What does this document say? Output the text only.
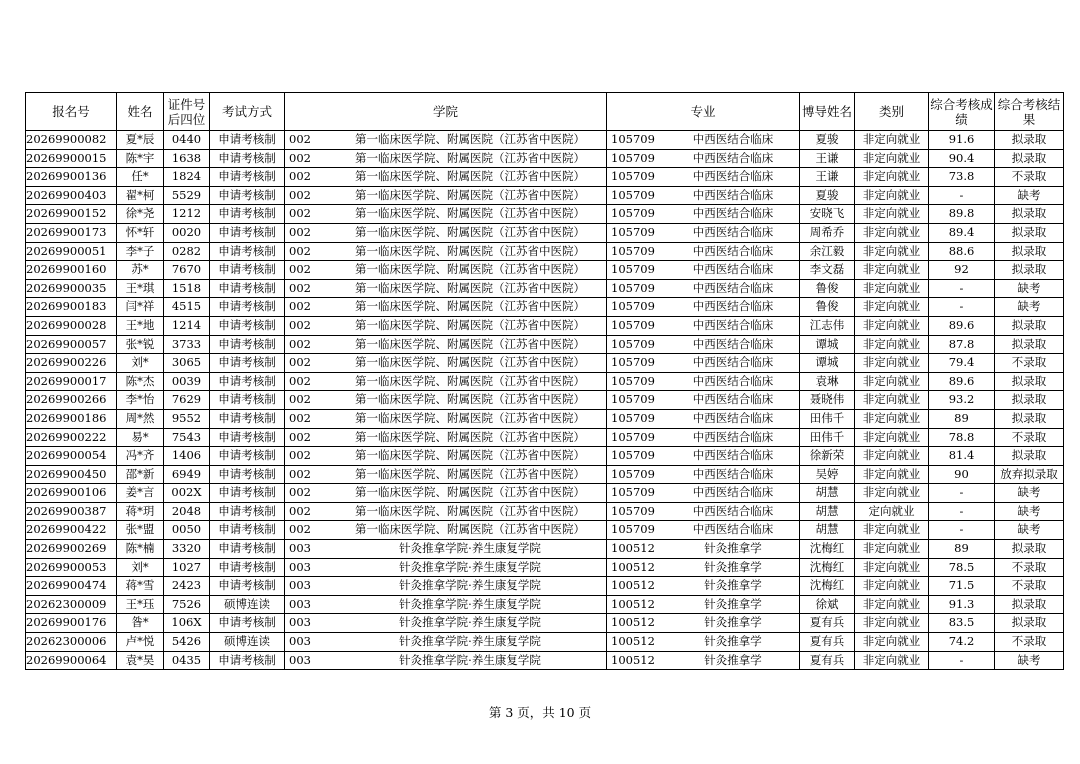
报名号	姓名	证件号后四位	考试方式	学院	专业	博导姓名	类别	综合考核成绩	综合考核结果
20269900082	夏*辰	0440	申请考核制	002 第一临床医学院、附属医院（江苏省中医院）	105709 中西医结合临床	夏骏	非定向就业	91.6	拟录取
20269900015	陈*宇	1638	申请考核制	002 第一临床医学院、附属医院（江苏省中医院）	105709 中西医结合临床	王谦	非定向就业	90.4	拟录取
20269900136	任*	1824	申请考核制	002 第一临床医学院、附属医院（江苏省中医院）	105709 中西医结合临床	王谦	非定向就业	73.8	不录取
20269900403	翟*柯	5529	申请考核制	002 第一临床医学院、附属医院（江苏省中医院）	105709 中西医结合临床	夏骏	非定向就业	-	缺考
20269900152	徐*尧	1212	申请考核制	002 第一临床医学院、附属医院（江苏省中医院）	105709 中西医结合临床	安晓飞	非定向就业	89.8	拟录取
20269900173	怀*轩	0020	申请考核制	002 第一临床医学院、附属医院（江苏省中医院）	105709 中西医结合临床	周希乔	非定向就业	89.4	拟录取
20269900051	李*子	0282	申请考核制	002 第一临床医学院、附属医院（江苏省中医院）	105709 中西医结合临床	余江毅	非定向就业	88.6	拟录取
20269900160	苏*	7670	申请考核制	002 第一临床医学院、附属医院（江苏省中医院）	105709 中西医结合临床	李文磊	非定向就业	92	拟录取
20269900035	王*琪	1518	申请考核制	002 第一临床医学院、附属医院（江苏省中医院）	105709 中西医结合临床	鲁俊	非定向就业	-	缺考
20269900183	闫*祥	4515	申请考核制	002 第一临床医学院、附属医院（江苏省中医院）	105709 中西医结合临床	鲁俊	非定向就业	-	缺考
20269900028	王*地	1214	申请考核制	002 第一临床医学院、附属医院（江苏省中医院）	105709 中西医结合临床	江志伟	非定向就业	89.6	拟录取
20269900057	张*锐	3733	申请考核制	002 第一临床医学院、附属医院（江苏省中医院）	105709 中西医结合临床	谭城	非定向就业	87.8	拟录取
20269900226	刘*	3065	申请考核制	002 第一临床医学院、附属医院（江苏省中医院）	105709 中西医结合临床	谭城	非定向就业	79.4	不录取
20269900017	陈*杰	0039	申请考核制	002 第一临床医学院、附属医院（江苏省中医院）	105709 中西医结合临床	袁琳	非定向就业	89.6	拟录取
20269900266	李*怡	7629	申请考核制	002 第一临床医学院、附属医院（江苏省中医院）	105709 中西医结合临床	聂晓伟	非定向就业	93.2	拟录取
20269900186	周*然	9552	申请考核制	002 第一临床医学院、附属医院（江苏省中医院）	105709 中西医结合临床	田伟千	非定向就业	89	拟录取
20269900222	易*	7543	申请考核制	002 第一临床医学院、附属医院（江苏省中医院）	105709 中西医结合临床	田伟千	非定向就业	78.8	不录取
20269900054	冯*齐	1406	申请考核制	002 第一临床医学院、附属医院（江苏省中医院）	105709 中西医结合临床	徐新荣	非定向就业	81.4	拟录取
20269900450	邵*新	6949	申请考核制	002 第一临床医学院、附属医院（江苏省中医院）	105709 中西医结合临床	吴婷	非定向就业	90	放弃拟录取
20269900106	姜*言	002X	申请考核制	002 第一临床医学院、附属医院（江苏省中医院）	105709 中西医结合临床	胡慧	非定向就业	-	缺考
20269900387	蒋*玥	2048	申请考核制	002 第一临床医学院、附属医院（江苏省中医院）	105709 中西医结合临床	胡慧	定向就业	-	缺考
20269900422	张*盟	0050	申请考核制	002 第一临床医学院、附属医院（江苏省中医院）	105709 中西医结合临床	胡慧	非定向就业	-	缺考
20269900269	陈*楠	3320	申请考核制	003 针灸推拿学院·养生康复学院	100512 针灸推拿学	沈梅红	非定向就业	89	拟录取
20269900053	刘*	1027	申请考核制	003 针灸推拿学院·养生康复学院	100512 针灸推拿学	沈梅红	非定向就业	78.5	不录取
20269900474	蒋*雪	2423	申请考核制	003 针灸推拿学院·养生康复学院	100512 针灸推拿学	沈梅红	非定向就业	71.5	不录取
20262300009	王*珏	7526	硕博连读	003 针灸推拿学院·养生康复学院	100512 针灸推拿学	徐斌	非定向就业	91.3	拟录取
20269900176	昝*	106X	申请考核制	003 针灸推拿学院·养生康复学院	100512 针灸推拿学	夏有兵	非定向就业	83.5	拟录取
20262300006	卢*悦	5426	硕博连读	003 针灸推拿学院·养生康复学院	100512 针灸推拿学	夏有兵	非定向就业	74.2	不录取
20269900064	袁*昊	0435	申请考核制	003 针灸推拿学院·养生康复学院	100512 针灸推拿学	夏有兵	非定向就业	-	缺考
第 3 页，共 10 页
